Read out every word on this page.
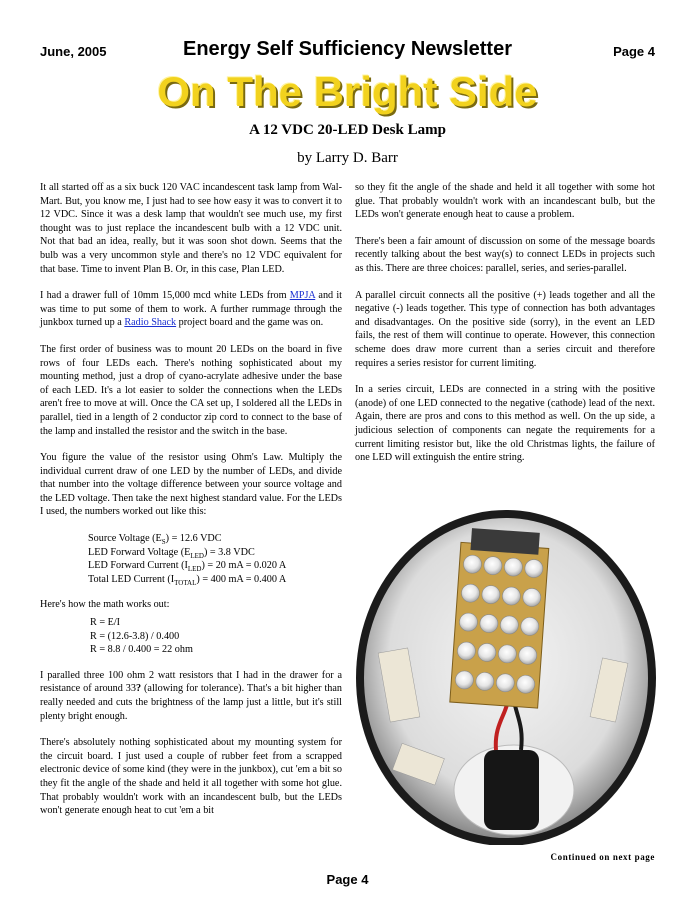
June, 2005	Energy Self Sufficiency Newsletter	Page 4
On The Bright Side
A 12 VDC 20-LED Desk Lamp
by Larry D. Barr

It all started off as a six buck 120 VAC incandescent task lamp from Wal-Mart. But, you know me, I just had to see how easy it was to convert it to 12 VDC. Since it was a desk lamp that wouldn't see much use, my first thought was to just replace the incandescent bulb with a 12 VDC unit. Not that bad an idea, really, but it was soon shot down. Seems that the bulb was a very uncommon style and there's no 12 VDC equivalent for that base. Time to invent Plan B. Or, in this case, Plan LED.

I had a drawer full of 10mm 15,000 mcd white LEDs from MPJA and it was time to put some of them to work. A further rummage through the junkbox turned up a Radio Shack project board and the game was on.

The first order of business was to mount 20 LEDs on the board in five rows of four LEDs each. There's nothing sophisticated about my mounting method, just a drop of cyano-acrylate adhesive under the base of each LED. It's a lot easier to solder the connections when the LEDs aren't free to move at will. Once the CA set up, I soldered all the LEDs in parallel, tied in a length of 2 conductor zip cord to connect to the base of the lamp and installed the resistor and the switch in the base.

You figure the value of the resistor using Ohm's Law. Multiply the individual current draw of one LED by the number of LEDs, and divide that number into the voltage difference between your source voltage and the LED voltage. Then take the next highest standard value. For the LEDs I used, the numbers worked out like this:

Source Voltage $(E_S) = 12.6$ VDC
LED Forward Voltage $(E_{LED}) = 3.8$ VDC
LED Forward Current $(I_{LED}) = 20$ mA = 0.020 A
Total LED Current $(I_{TOTAL}) = 400$ mA = 0.400 A

Here's how the math works out:

R = E/I
R = (12.6-3.8) / 0.400
R = 8.8 / 0.400 = 22 ohm

I paralled three 100 ohm 2 watt resistors that I had in the drawer for a resistance of around 33? (allowing for tolerance). That's a bit higher than really needed and cuts the brightness of the lamp just a little, but it's still plenty bright enough.

There's absolutely nothing sophisticated about my mounting system for the circuit board. I just used a couple of rubber feet from a scrapped electronic device of some kind (they were in the junkbox), cut 'em a bit so they fit the angle of the shade and held it all together with some hot glue. That probably wouldn't work with an incandescent bulb, but the LEDs won't generate enough heat to cut 'em a bit

so they fit the angle of the shade and held it all together with some hot glue. That probably wouldn't work with an incandescant bulb, but the LEDs won't generate enough heat to cause a problem.

There's been a fair amount of discussion on some of the message boards recently talking about the best way(s) to connect LEDs in projects such as this. There are three choices: parallel, series, and series-parallel.

A parallel circuit connects all the positive (+) leads together and all the negative (-) leads together. This type of connection has both advantages and disadvantages. On the positive side (sorry), in the event an LED fails, the rest of them will continue to operate. However, this connection scheme does draw more current than a series circuit and therefore requires a series resistor for current limiting.

In a series circuit, LEDs are connected in a string with the positive (anode) of one LED connected to the negative (cathode) lead of the next. Again, there are pros and cons to this method as well. On the up side, a judicious selection of components can negate the requirements for a current limiting resistor but, like the old Christmas lights, the failure of one LED will extinguish the entire string.

Continued on next page
Page 4
